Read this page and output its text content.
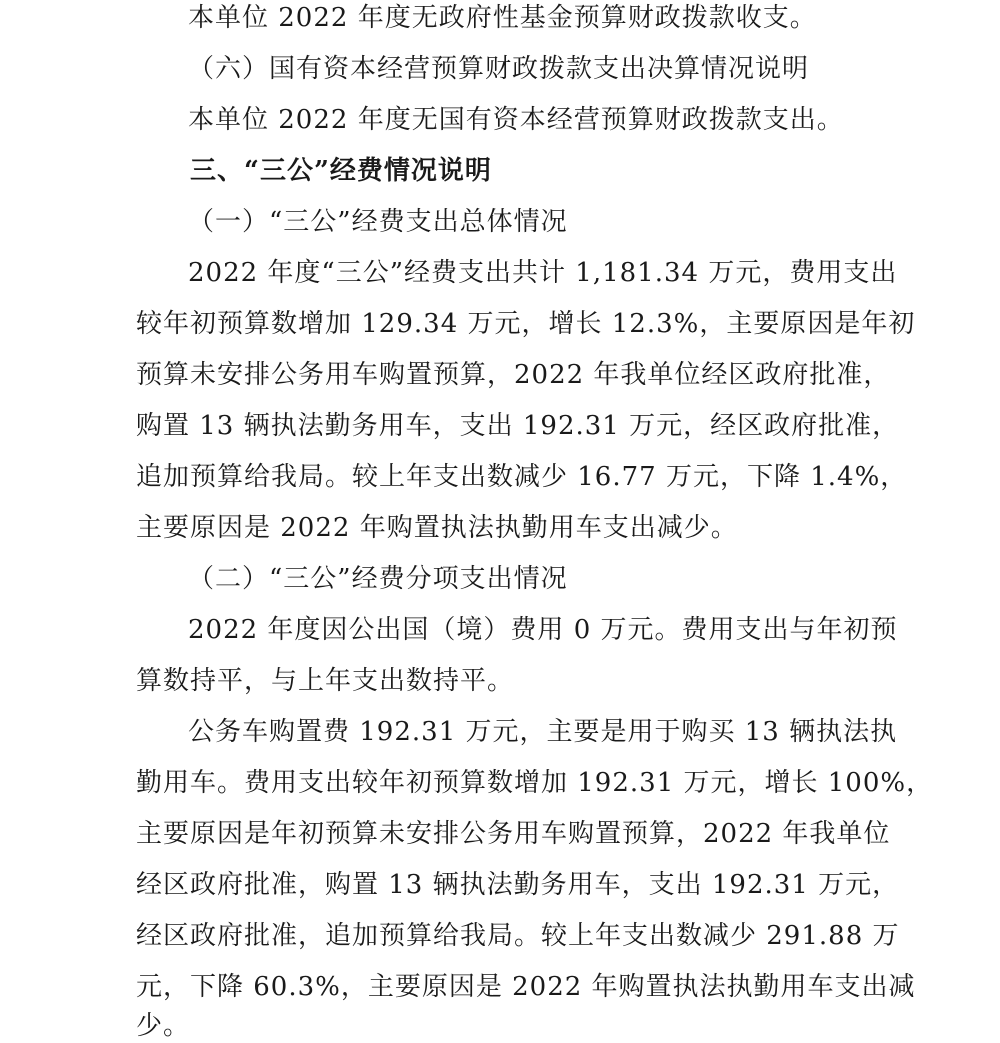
本单位 2022 年度无政府性基金预算财政拨款收支。
（六）国有资本经营预算财政拨款支出决算情况说明
本单位 2022 年度无国有资本经营预算财政拨款支出。
三、“三公”经费情况说明
（一）“三公”经费支出总体情况
2022 年度“三公”经费支出共计 1,181.34 万元，费用支出
较年初预算数增加 129.34 万元，增长 12.3%，主要原因是年初
预算未安排公务用车购置预算，2022 年我单位经区政府批准，
购置 13 辆执法勤务用车，支出 192.31 万元，经区政府批准，
追加预算给我局。较上年支出数减少 16.77 万元，下降 1.4%，
主要原因是 2022 年购置执法执勤用车支出减少。
（二）“三公”经费分项支出情况
2022 年度因公出国（境）费用 0 万元。费用支出与年初预
算数持平，与上年支出数持平。
公务车购置费 192.31 万元，主要是用于购买 13 辆执法执
勤用车。费用支出较年初预算数增加 192.31 万元，增长 100%，
主要原因是年初预算未安排公务用车购置预算，2022 年我单位
经区政府批准，购置 13 辆执法勤务用车，支出 192.31 万元，
经区政府批准，追加预算给我局。较上年支出数减少 291.88 万
元，下降 60.3%，主要原因是 2022 年购置执法执勤用车支出减
少。
